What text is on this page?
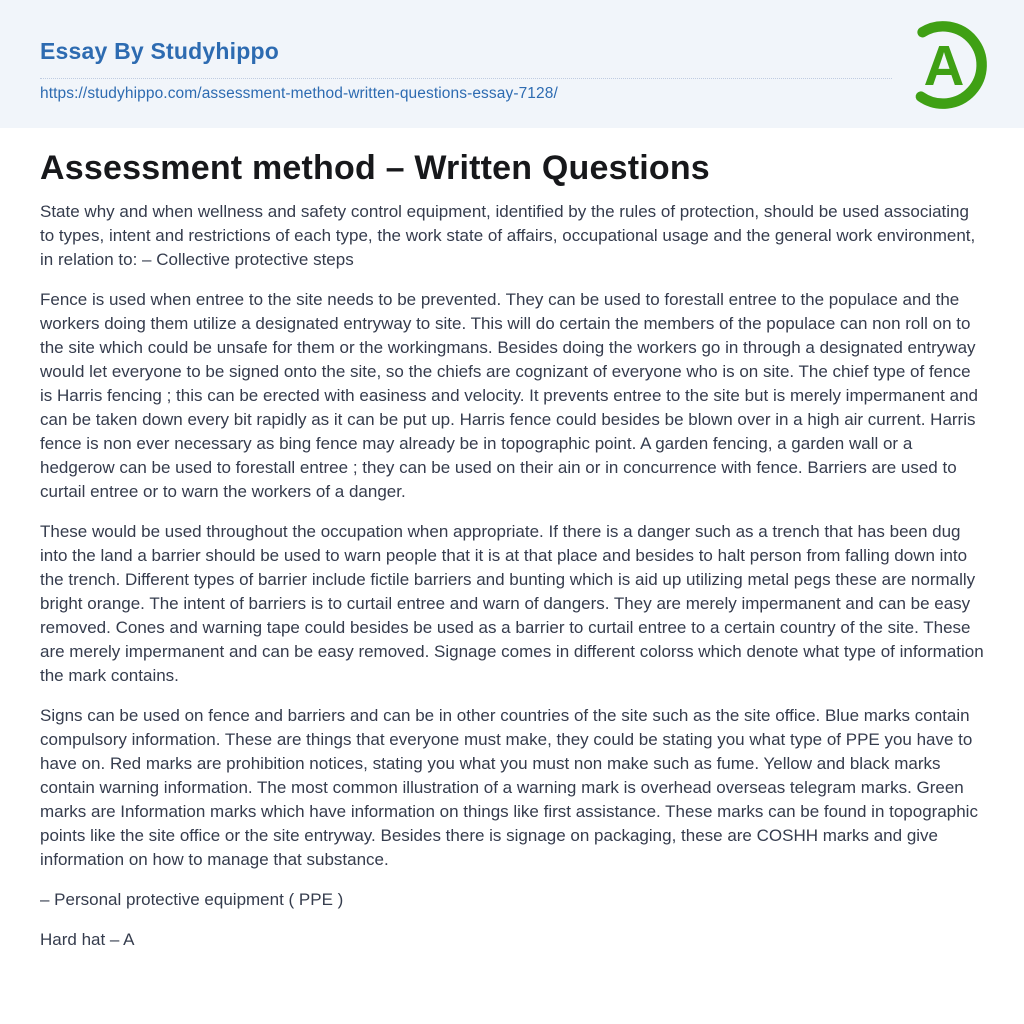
Essay By Studyhippo
https://studyhippo.com/assessment-method-written-questions-essay-7128/	A
Assessment method – Written Questions

State why and when wellness and safety control equipment, identified by the rules of protection, should be used associating to types, intent and restrictions of each type, the work state of affairs, occupational usage and the general work environment, in relation to: – Collective protective steps

Fence is used when entree to the site needs to be prevented. They can be used to forestall entree to the populace and the workers doing them utilize a designated entryway to site. This will do certain the members of the populace can non roll on to the site which could be unsafe for them or the workingmans. Besides doing the workers go in through a designated entryway would let everyone to be signed onto the site, so the chiefs are cognizant of everyone who is on site. The chief type of fence is Harris fencing ; this can be erected with easiness and velocity. It prevents entree to the site but is merely impermanent and can be taken down every bit rapidly as it can be put up. Harris fence could besides be blown over in a high air current. Harris fence is non ever necessary as bing fence may already be in topographic point. A garden fencing, a garden wall or a hedgerow can be used to forestall entree ; they can be used on their ain or in concurrence with fence. Barriers are used to curtail entree or to warn the workers of a danger.

These would be used throughout the occupation when appropriate. If there is a danger such as a trench that has been dug into the land a barrier should be used to warn people that it is at that place and besides to halt person from falling down into the trench. Different types of barrier include fictile barriers and bunting which is aid up utilizing metal pegs these are normally bright orange. The intent of barriers is to curtail entree and warn of dangers. They are merely impermanent and can be easy removed. Cones and warning tape could besides be used as a barrier to curtail entree to a certain country of the site. These are merely impermanent and can be easy removed. Signage comes in different colorss which denote what type of information the mark contains.

Signs can be used on fence and barriers and can be in other countries of the site such as the site office. Blue marks contain compulsory information. These are things that everyone must make, they could be stating you what type of PPE you have to have on. Red marks are prohibition notices, stating you what you must non make such as fume. Yellow and black marks contain warning information. The most common illustration of a warning mark is overhead overseas telegram marks. Green marks are Information marks which have information on things like first assistance. These marks can be found in topographic points like the site office or the site entryway. Besides there is signage on packaging, these are COSHH marks and give information on how to manage that substance.

– Personal protective equipment ( PPE )

Hard hat – A
